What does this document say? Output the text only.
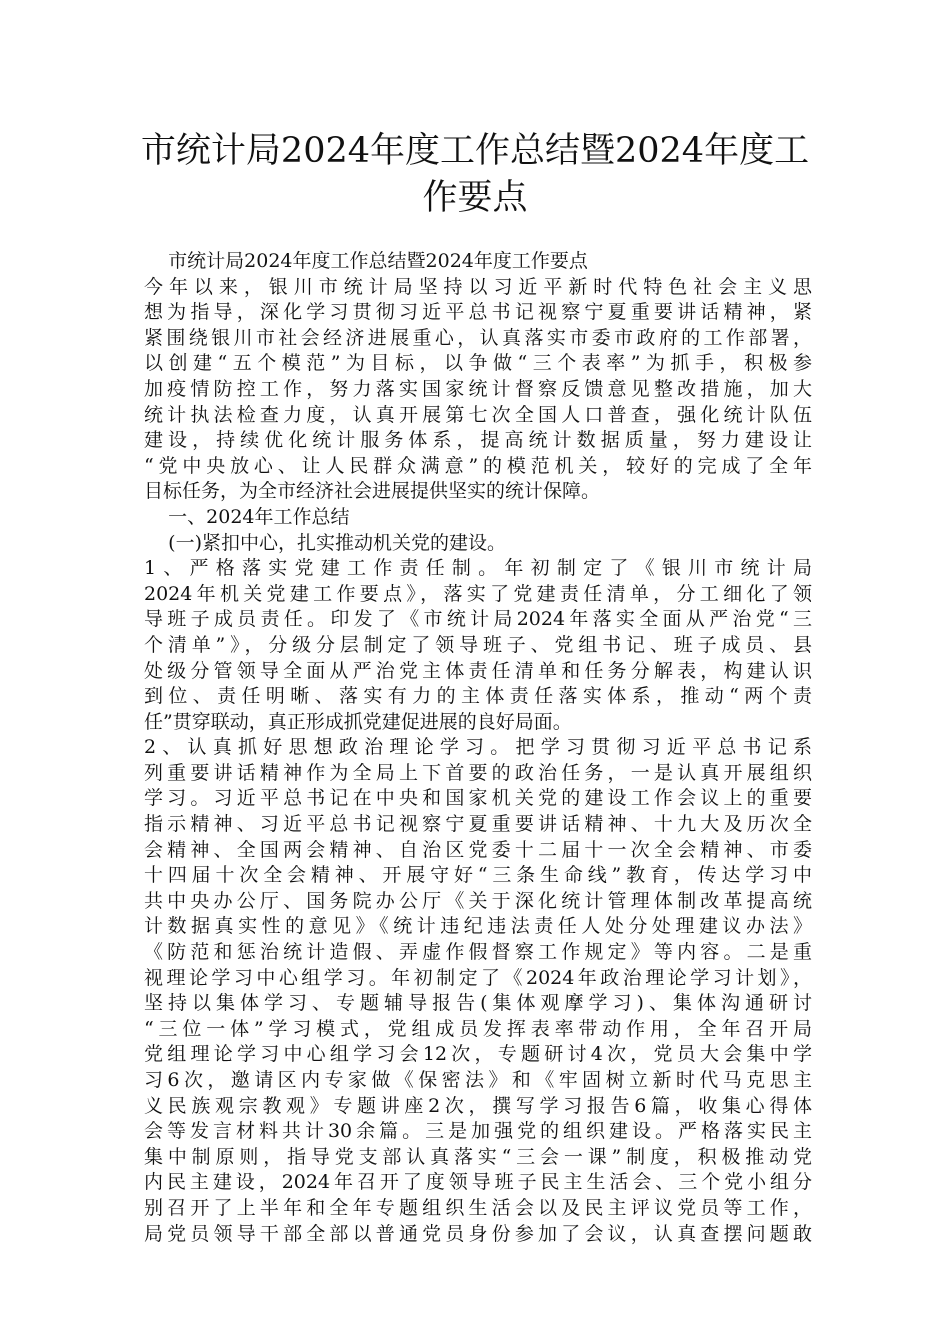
市统计局2024年度工作总结暨2024年度工
作要点
市统计局2024年度工作总结暨2024年度工作要点
今年以来，银川市统计局坚持以习近平新时代特色社会主义思
想为指导，深化学习贯彻习近平总书记视察宁夏重要讲话精神，紧
紧围绕银川市社会经济进展重心，认真落实市委市政府的工作部署，
以创建“五个模范”为目标，以争做“三个表率”为抓手，积极参
加疫情防控工作，努力落实国家统计督察反馈意见整改措施，加大
统计执法检查力度，认真开展第七次全国人口普查，强化统计队伍
建设，持续优化统计服务体系，提高统计数据质量，努力建设让
“党中央放心、让人民群众满意”的模范机关，较好的完成了全年
目标任务，为全市经济社会进展提供坚实的统计保障。
一、2024年工作总结
(一)紧扣中心，扎实推动机关党的建设。
1、严格落实党建工作责任制。年初制定了《银川市统计局
2024年机关党建工作要点》，落实了党建责任清单，分工细化了领
导班子成员责任。印发了《市统计局2024年落实全面从严治党“三
个清单”》，分级分层制定了领导班子、党组书记、班子成员、县
处级分管领导全面从严治党主体责任清单和任务分解表，构建认识
到位、责任明晰、落实有力的主体责任落实体系，推动“两个责
任”贯穿联动，真正形成抓党建促进展的良好局面。
2、认真抓好思想政治理论学习。把学习贯彻习近平总书记系
列重要讲话精神作为全局上下首要的政治任务，一是认真开展组织
学习。习近平总书记在中央和国家机关党的建设工作会议上的重要
指示精神、习近平总书记视察宁夏重要讲话精神、十九大及历次全
会精神、全国两会精神、自治区党委十二届十一次全会精神、市委
十四届十次全会精神、开展守好“三条生命线”教育，传达学习中
共中央办公厅、国务院办公厅《关于深化统计管理体制改革提高统
计数据真实性的意见》《统计违纪违法责任人处分处理建议办法》
《防范和惩治统计造假、弄虚作假督察工作规定》等内容。二是重
视理论学习中心组学习。年初制定了《2024年政治理论学习计划》，
坚持以集体学习、专题辅导报告(集体观摩学习)、集体沟通研讨
“三位一体”学习模式，党组成员发挥表率带动作用，全年召开局
党组理论学习中心组学习会12次，专题研讨4次，党员大会集中学
习6次，邀请区内专家做《保密法》和《牢固树立新时代马克思主
义民族观宗教观》专题讲座2次，撰写学习报告6篇，收集心得体
会等发言材料共计30余篇。三是加强党的组织建设。严格落实民主
集中制原则，指导党支部认真落实“三会一课”制度，积极推动党
内民主建设，2024年召开了度领导班子民主生活会、三个党小组分
别召开了上半年和全年专题组织生活会以及民主评议党员等工作，
局党员领导干部全部以普通党员身份参加了会议，认真查摆问题敢
